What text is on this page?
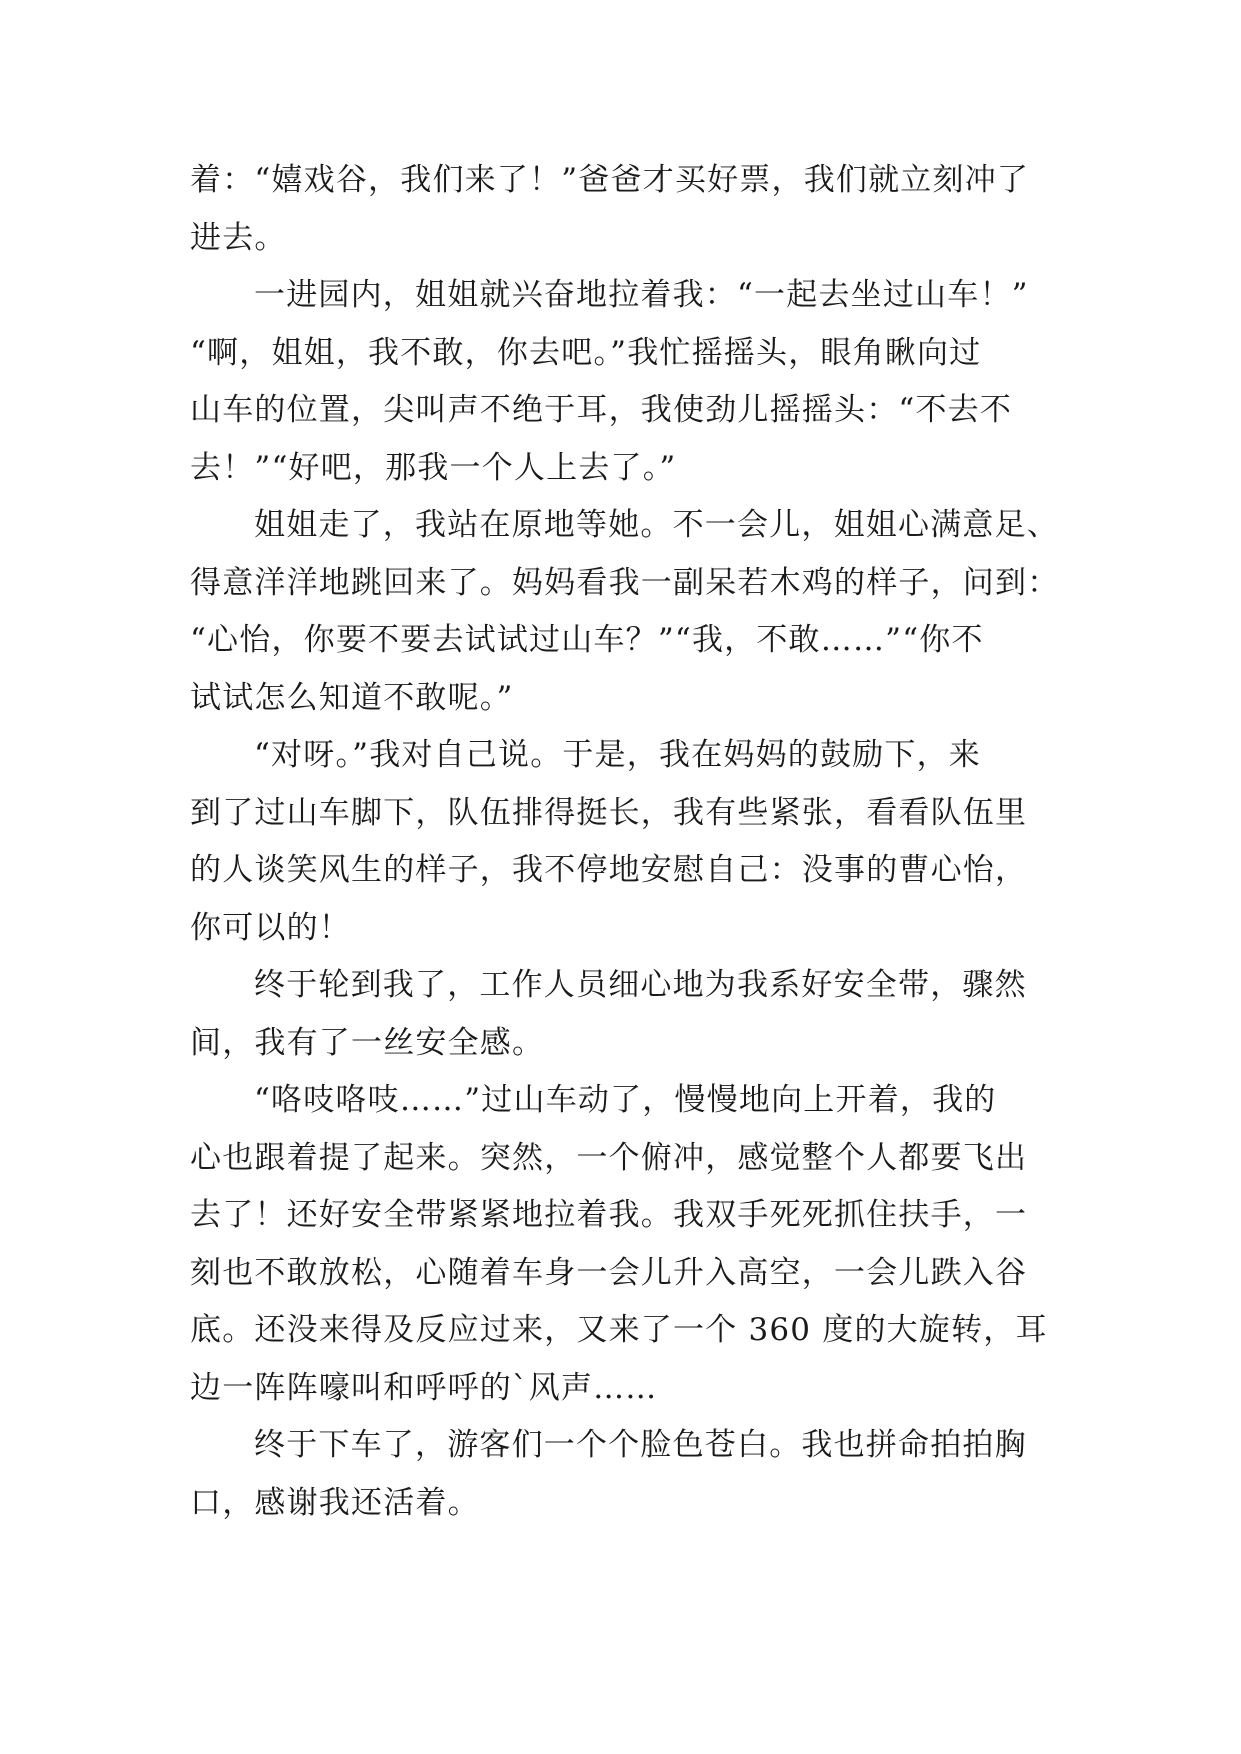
着：“嬉戏谷，我们来了！”爸爸才买好票，我们就立刻冲了
进去。
一进园内，姐姐就兴奋地拉着我：“一起去坐过山车！”
“啊，姐姐，我不敢，你去吧。”我忙摇摇头，眼角瞅向过
山车的位置，尖叫声不绝于耳，我使劲儿摇摇头：“不去不
去！”“好吧，那我一个人上去了。”
姐姐走了，我站在原地等她。不一会儿，姐姐心满意足、
得意洋洋地跳回来了。妈妈看我一副呆若木鸡的样子，问到：
“心怡，你要不要去试试过山车？”“我，不敢……”“你不
试试怎么知道不敢呢。”
“对呀。”我对自己说。于是，我在妈妈的鼓励下，来
到了过山车脚下，队伍排得挺长，我有些紧张，看看队伍里
的人谈笑风生的样子，我不停地安慰自己：没事的曹心怡，
你可以的！
终于轮到我了，工作人员细心地为我系好安全带，骤然
间，我有了一丝安全感。
“咯吱咯吱……”过山车动了，慢慢地向上开着，我的
心也跟着提了起来。突然，一个俯冲，感觉整个人都要飞出
去了！还好安全带紧紧地拉着我。我双手死死抓住扶手，一
刻也不敢放松，心随着车身一会儿升入高空，一会儿跌入谷
底。还没来得及反应过来，又来了一个 360 度的大旋转，耳
边一阵阵嚎叫和呼呼的`风声……
终于下车了，游客们一个个脸色苍白。我也拼命拍拍胸
口，感谢我还活着。
